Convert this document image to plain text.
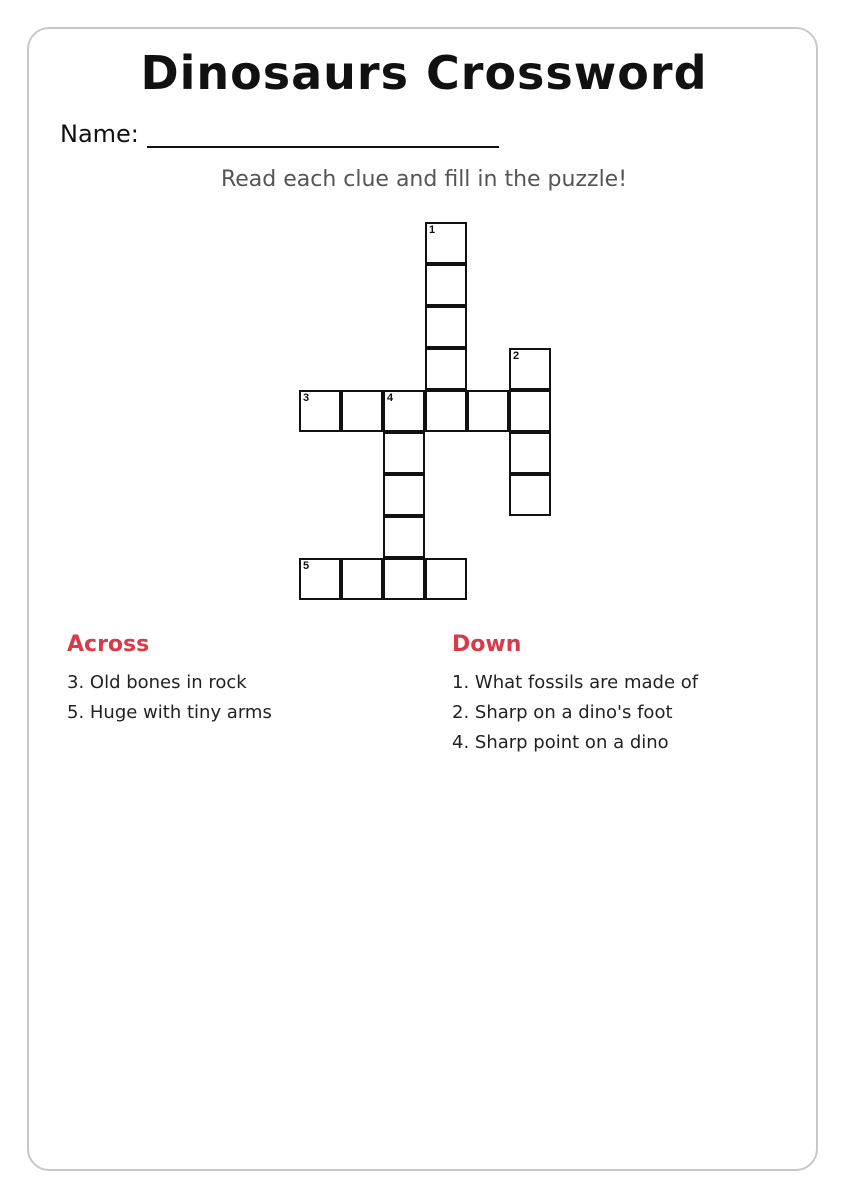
Dinosaurs Crossword
Name:
Read each clue and fill in the puzzle!
1
2
3	4
5
Across
3. Old bones in rock
5. Huge with tiny arms
Down
1. What fossils are made of
2. Sharp on a dino's foot
4. Sharp point on a dino
